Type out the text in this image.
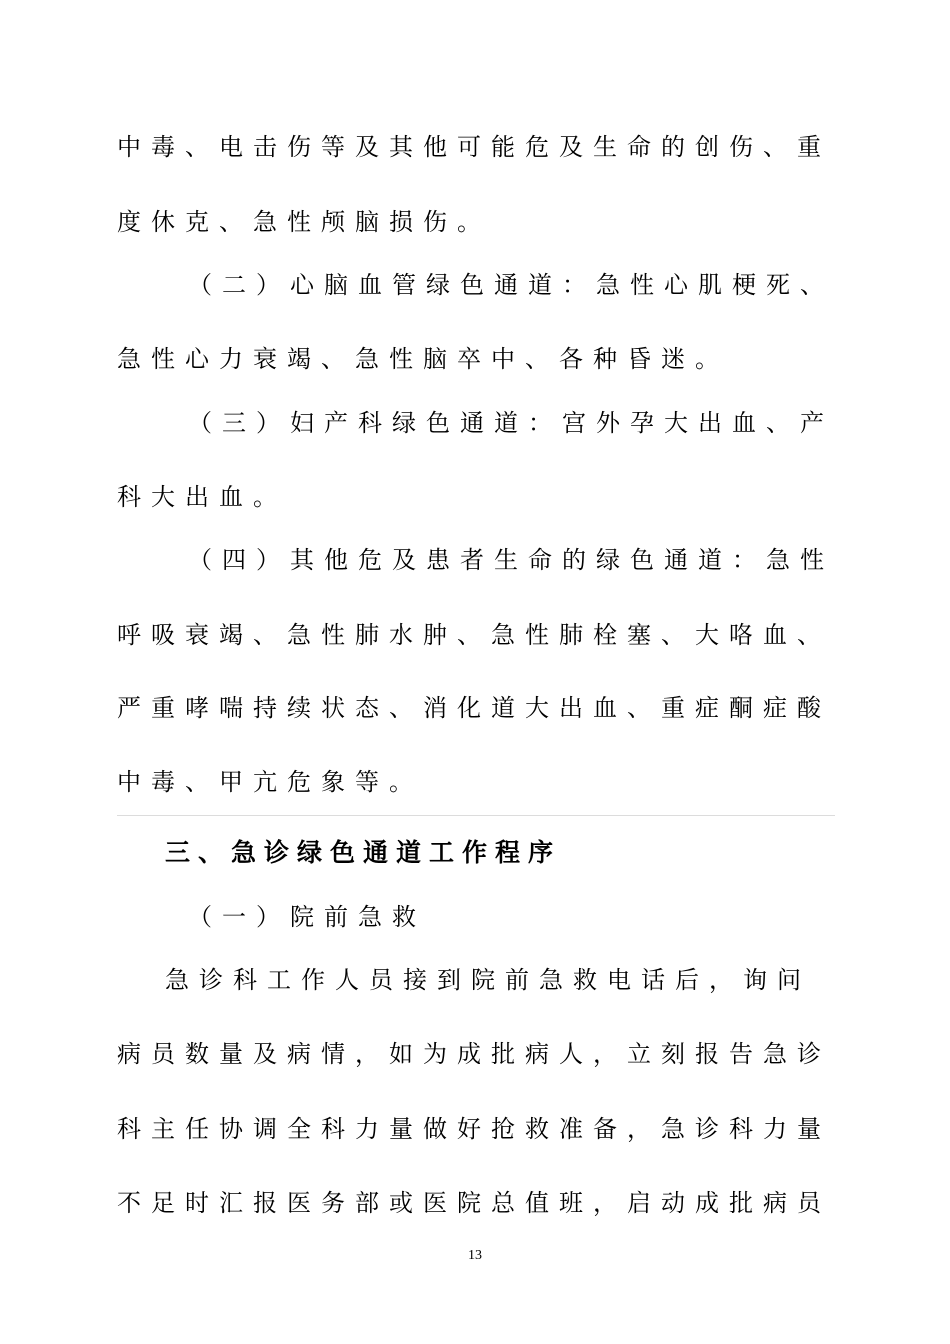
中毒、电击伤等及其他可能危及生命的创伤、重
度休克、急性颅脑损伤。
（二）心脑血管绿色通道：急性心肌梗死、
急性心力衰竭、急性脑卒中、各种昏迷。
（三）妇产科绿色通道：宫外孕大出血、产
科大出血。
（四）其他危及患者生命的绿色通道：急性
呼吸衰竭、急性肺水肿、急性肺栓塞、大咯血、
严重哮喘持续状态、消化道大出血、重症酮症酸
中毒、甲亢危象等。
三、急诊绿色通道工作程序
（一）院前急救
急诊科工作人员接到院前急救电话后，询问
病员数量及病情，如为成批病人，立刻报告急诊
科主任协调全科力量做好抢救准备，急诊科力量
不足时汇报医务部或医院总值班，启动成批病员
13
